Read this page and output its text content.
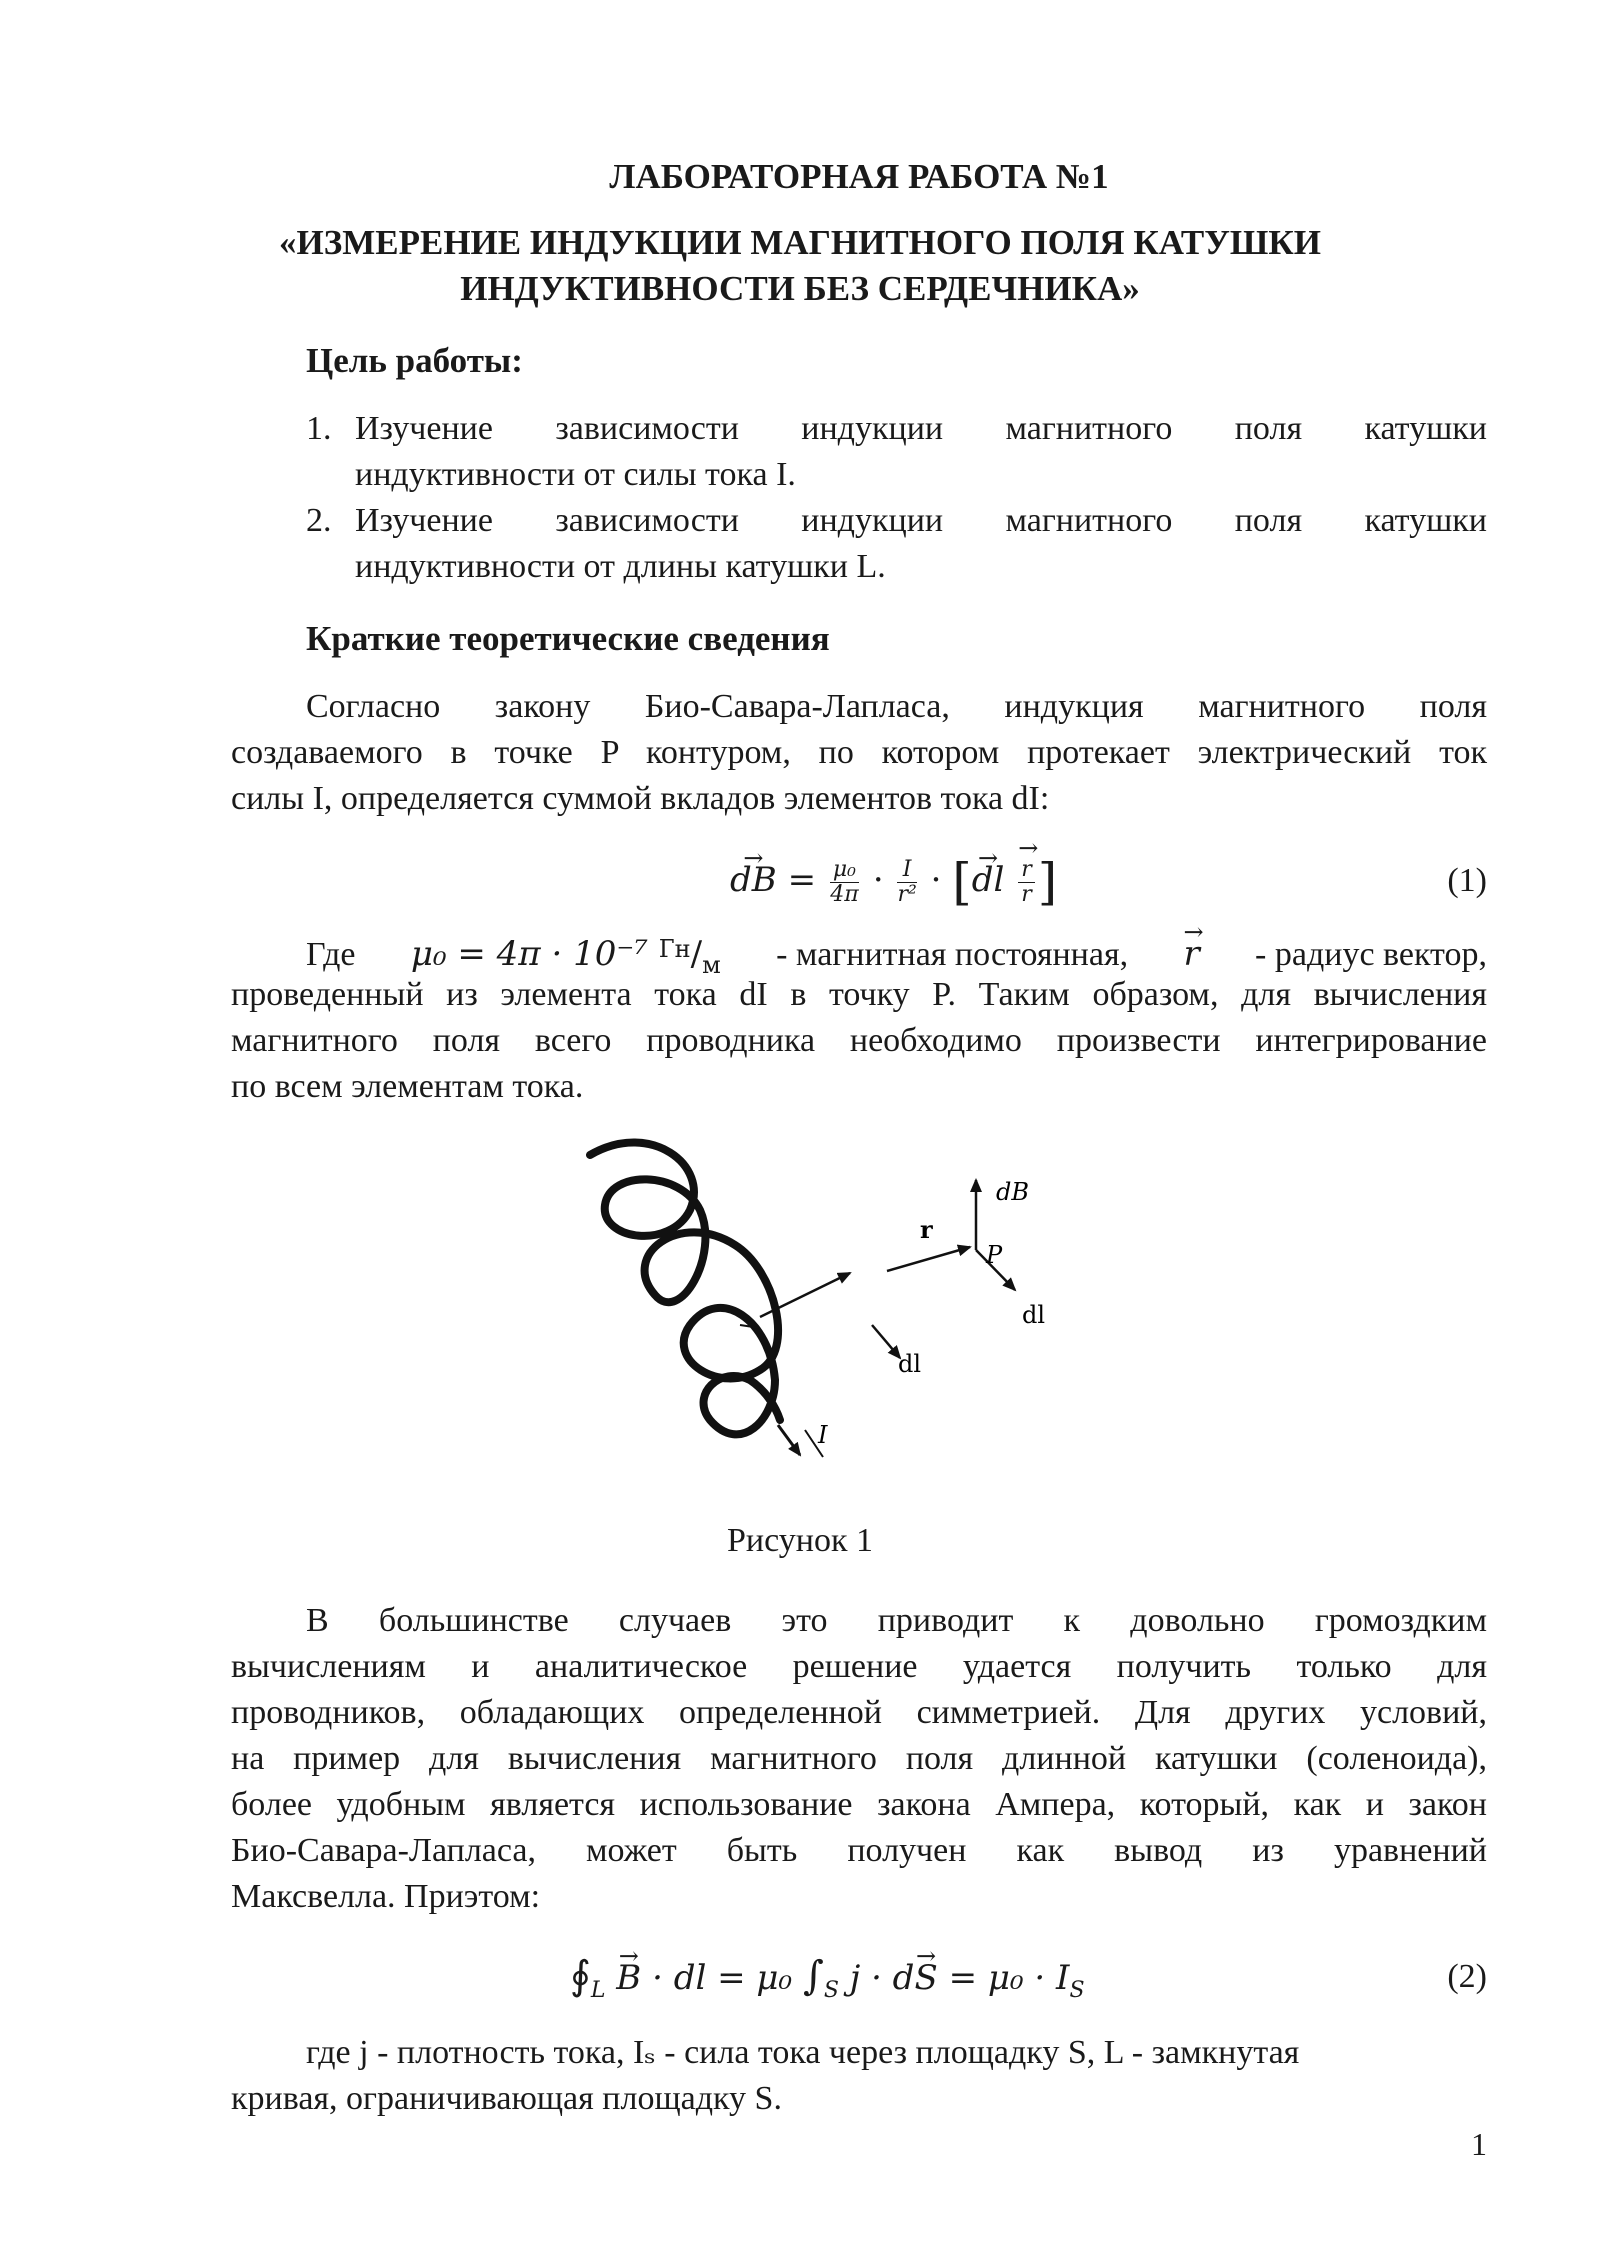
ЛАБОРАТОРНАЯ РАБОТА №1
«ИЗМЕРЕНИЕ ИНДУКЦИИ МАГНИТНОГО ПОЛЯ КАТУШКИ
ИНДУКТИВНОСТИ БЕЗ СЕРДЕЧНИКА»
Цель работы:
1. Изучение зависимости индукции магнитного поля катушки
индуктивности от силы тока I.
2. Изучение зависимости индукции магнитного поля катушки
индуктивности от длины катушки L.
Краткие теоретические сведения
Согласно закону Био-Савара-Лапласа, индукция магнитного поля
создаваемого в точке P контуром, по котором протекает электрический ток
силы I, определяется суммой вкладов элементов тока dI:
→ dB = $\frac{\text{μ₀}}{4\pi} \cdot \frac{I}{\text{r²}}$ · [→ dl → $\frac{r}{r}$ ]	(1)
Где μ₀ = 4π · 10⁻⁷ $^{Гн}/_м$ - магнитная постоянная, → r - радиус вектор,
проведенный из элемента тока dI в точку P. Таким образом, для вычисления
магнитного поля всего проводника необходимо произвести интегрирование
по всем элементам тока.
dB
P
r
dl
dl
I
Рисунок 1
В большинстве случаев это приводит к довольно громоздким
вычислениям и аналитическое решение удается получить только для
проводников, обладающих определенной симметрией. Для других условий,
на пример для вычисления магнитного поля длинной катушки (соленоида),
более удобным является использование закона Ампера, который, как и закон
Био-Савара-Лапласа, может быть получен как вывод из уравнений
Максвелла. Приэтом:
$∮_L \to B$ · dl = μ₀ $\int_S$ $j \cdot d\to S = \mu_0 \cdot I_S$	(2)
где j - плотность тока, Iₛ - сила тока через площадку S, L - замкнутая
кривая, ограничивающая площадку S.
1
